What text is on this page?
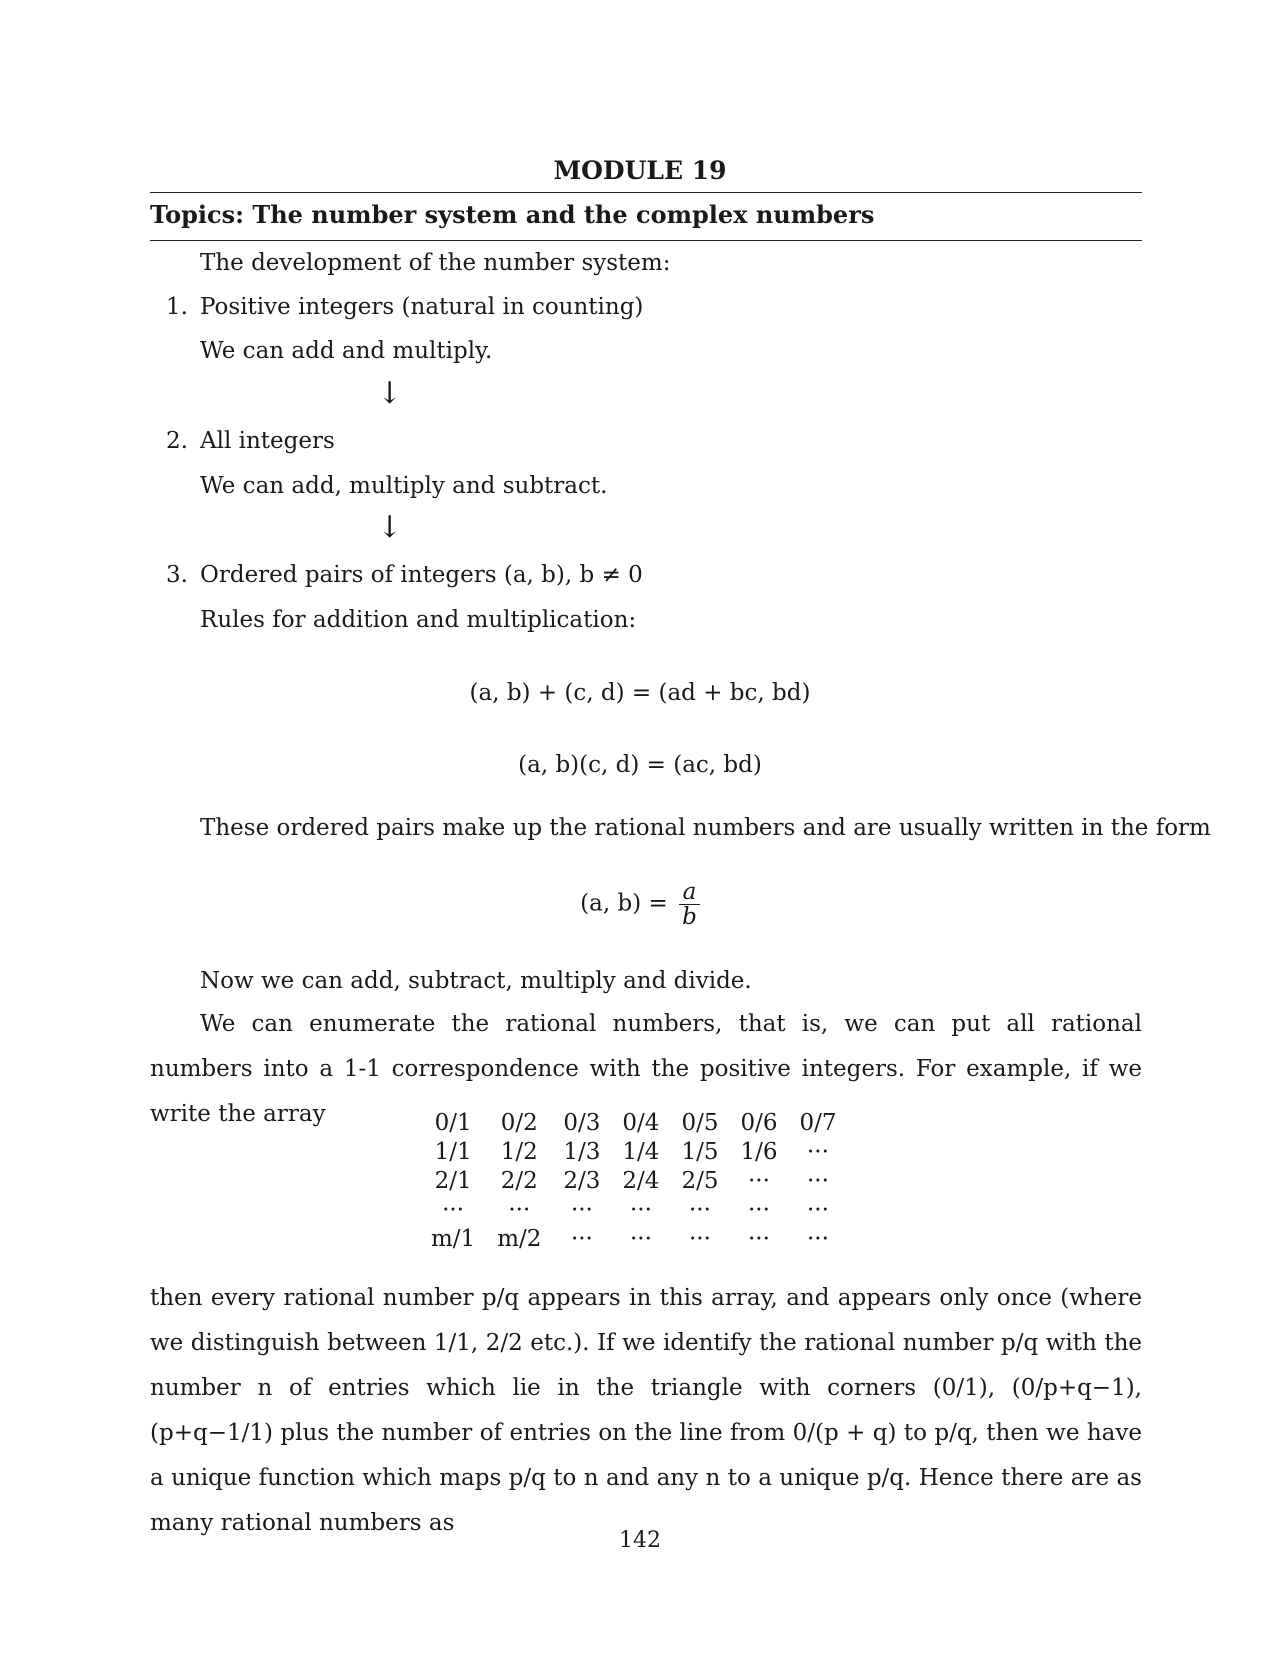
MODULE 19
Topics: The number system and the complex numbers
The development of the number system:
1. Positive integers (natural in counting)
We can add and multiply.
↓
2. All integers
We can add, multiply and subtract.
↓
3. Ordered pairs of integers (a, b), b ≠ 0
Rules for addition and multiplication:
(a, b) + (c, d) = (ad + bc, bd)
(a, b)(c, d) = (ac, bd)
These ordered pairs make up the rational numbers and are usually written in the form
(a, $b) = \frac{a}{b}$
Now we can add, subtract, multiply and divide.
We can enumerate the rational numbers, that is, we can put all rational numbers into a 1-1 correspondence with the positive integers. For example, if we write the array	0/1	0/2	0/3	0/4	0/5	0/6	0/7
1/1	1/2	1/3	1/4	1/5	1/6	···
2/1	2/2	2/3	2/4	2/5	···	···
···	···	···	···	···	···	···
m/1	m/2	···	···	···	···	···
then every rational number p/q appears in this array, and appears only once (where we distinguish between 1/1, 2/2 etc.). If we identify the rational number p/q with the number n of entries which lie in the triangle with corners (0/1), (0/p+q−1), (p+q−1/1) plus the number of entries on the line from 0/(p + q) to p/q, then we have a unique function which maps p/q to n and any n to a unique p/q. Hence there are as many rational numbers as
142
